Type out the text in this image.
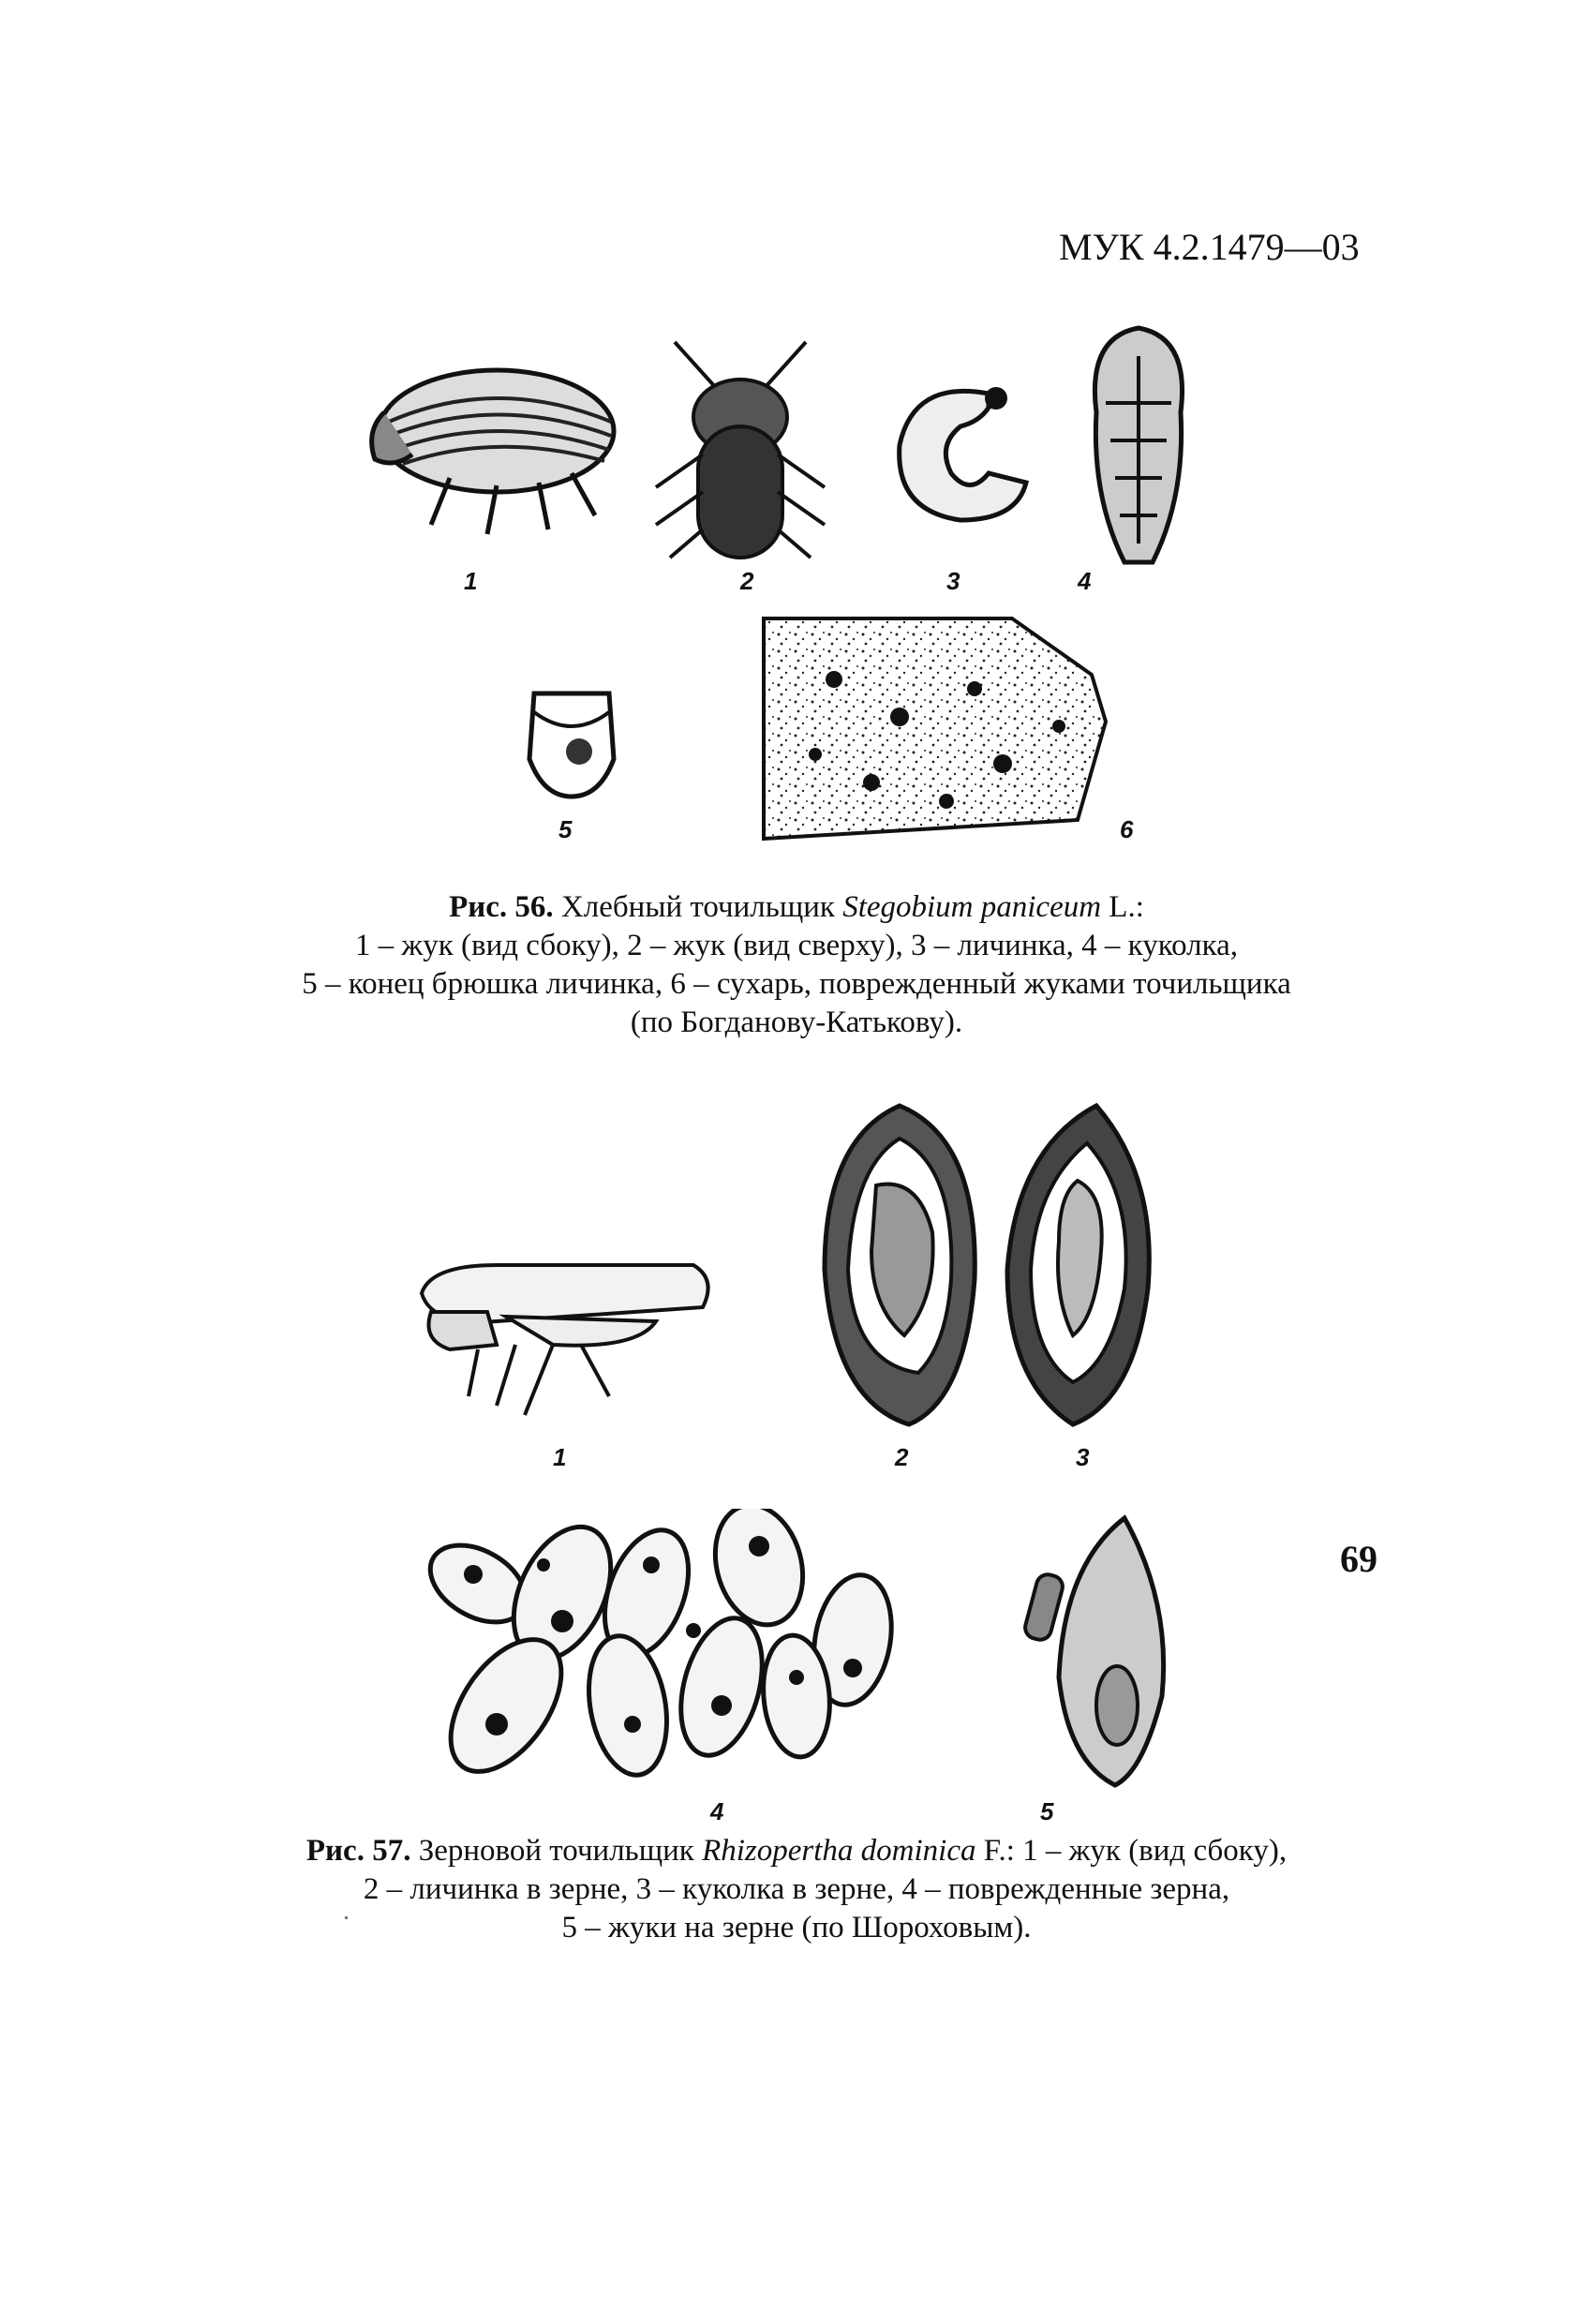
МУК 4.2.1479—03
1	2	3	4
5	6
Рис. 56. Хлебный точильщик Stegobium paniceum L.:
1 – жук (вид сбоку), 2 – жук (вид сверху), 3 – личинка, 4 – куколка,
5 – конец брюшка личинка, 6 – сухарь, поврежденный жуками точильщика
(по Богданову-Катькову).
1	2	3
4	5
Рис. 57. Зерновой точильщик Rhizopertha dominica F.: 1 – жук (вид сбоку),
2 – личинка в зерне, 3 – куколка в зерне, 4 – поврежденные зерна,
5 – жуки на зерне (по Шороховым).
69
